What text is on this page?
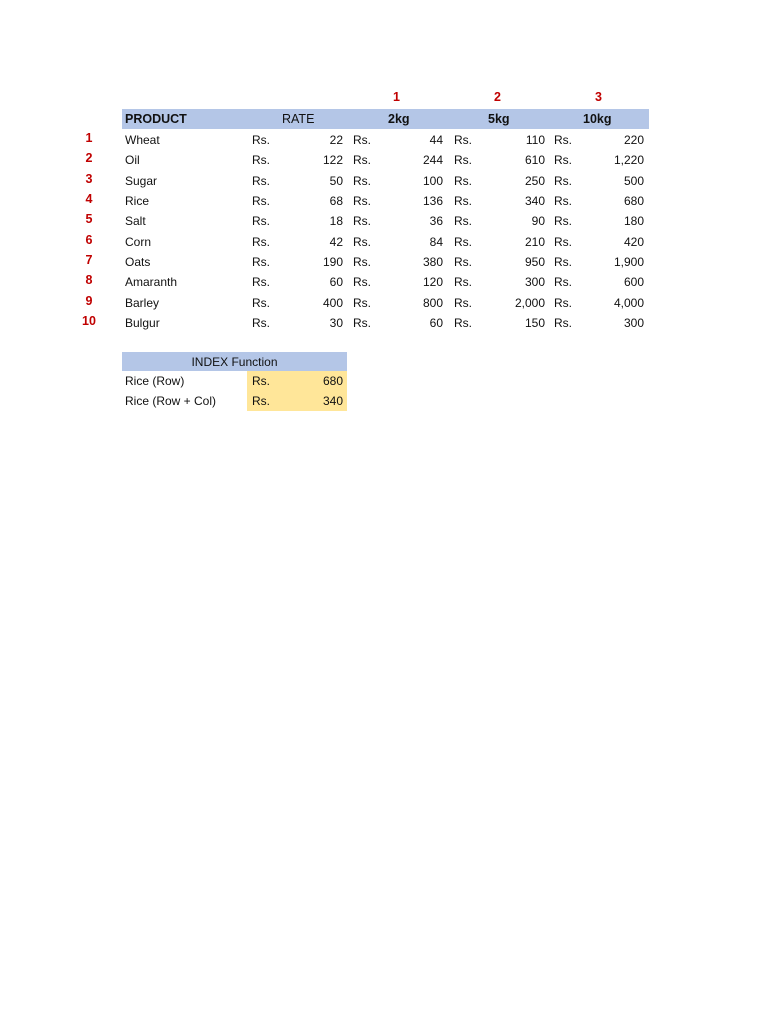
1	2	3
PRODUCT	RATE	2kg	5kg	10kg
1	Wheat	Rs.	22 Rs.	44 Rs.	110 Rs.	220
2	Oil	Rs.	122 Rs.	244 Rs.	610 Rs.	1,220
3	Sugar	Rs.	50 Rs.	100 Rs.	250 Rs.	500
4	Rice	Rs.	68 Rs.	136 Rs.	340 Rs.	680
5	Salt	Rs.	18 Rs.	36 Rs.	90 Rs.	180
6	Corn	Rs.	42 Rs.	84 Rs.	210 Rs.	420
7	Oats	Rs.	190 Rs.	380 Rs.	950 Rs.	1,900
8	Amaranth	Rs.	60 Rs.	120 Rs.	300 Rs.	600
9	Barley	Rs.	400 Rs.	800 Rs.	2,000 Rs.	4,000
10	Bulgur	Rs.	30 Rs.	60 Rs.	150 Rs.	300
INDEX Function
Rice (Row)	Rs.	680
Rice (Row + Col)	Rs.	340
